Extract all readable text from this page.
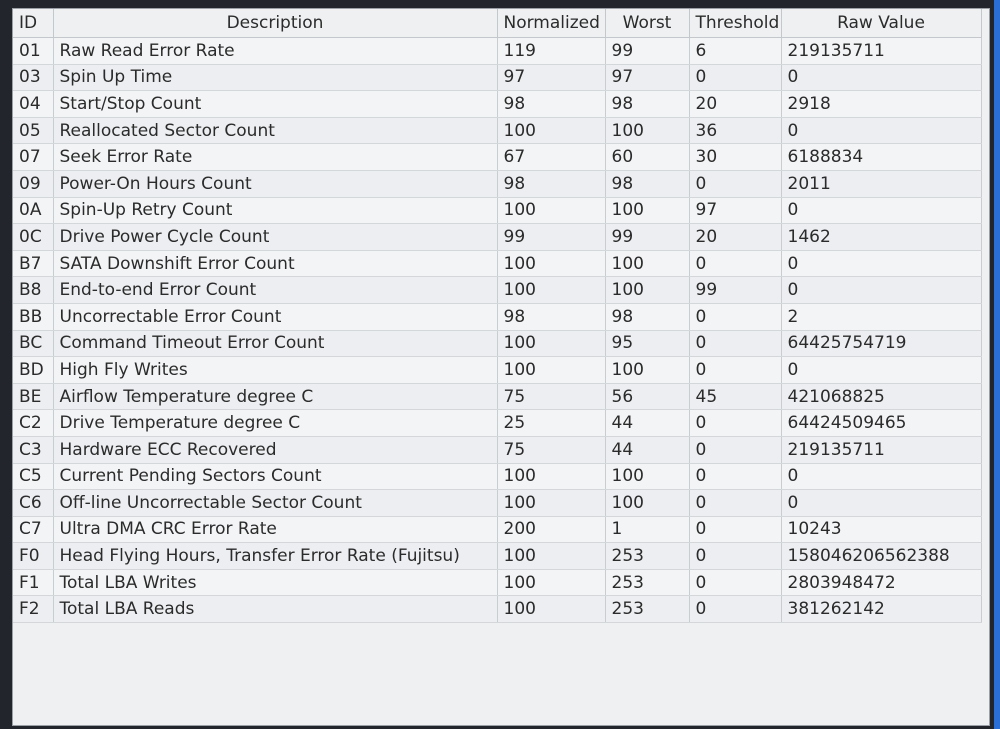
ID	Description	Normalized	Worst	Threshold	Raw Value
01	Raw Read Error Rate	119	99	6	219135711
03	Spin Up Time	97	97	0	0
04	Start/Stop Count	98	98	20	2918
05	Reallocated Sector Count	100	100	36	0
07	Seek Error Rate	67	60	30	6188834
09	Power-On Hours Count	98	98	0	2011
0A	Spin-Up Retry Count	100	100	97	0
0C	Drive Power Cycle Count	99	99	20	1462
B7	SATA Downshift Error Count	100	100	0	0
B8	End-to-end Error Count	100	100	99	0
BB	Uncorrectable Error Count	98	98	0	2
BC	Command Timeout Error Count	100	95	0	64425754719
BD	High Fly Writes	100	100	0	0
BE	Airflow Temperature degree C	75	56	45	421068825
C2	Drive Temperature degree C	25	44	0	64424509465
C3	Hardware ECC Recovered	75	44	0	219135711
C5	Current Pending Sectors Count	100	100	0	0
C6	Off-line Uncorrectable Sector Count	100	100	0	0
C7	Ultra DMA CRC Error Rate	200	1	0	10243
F0	Head Flying Hours, Transfer Error Rate (Fujitsu)	100	253	0	158046206562388
F1	Total LBA Writes	100	253	0	2803948472
F2	Total LBA Reads	100	253	0	381262142
